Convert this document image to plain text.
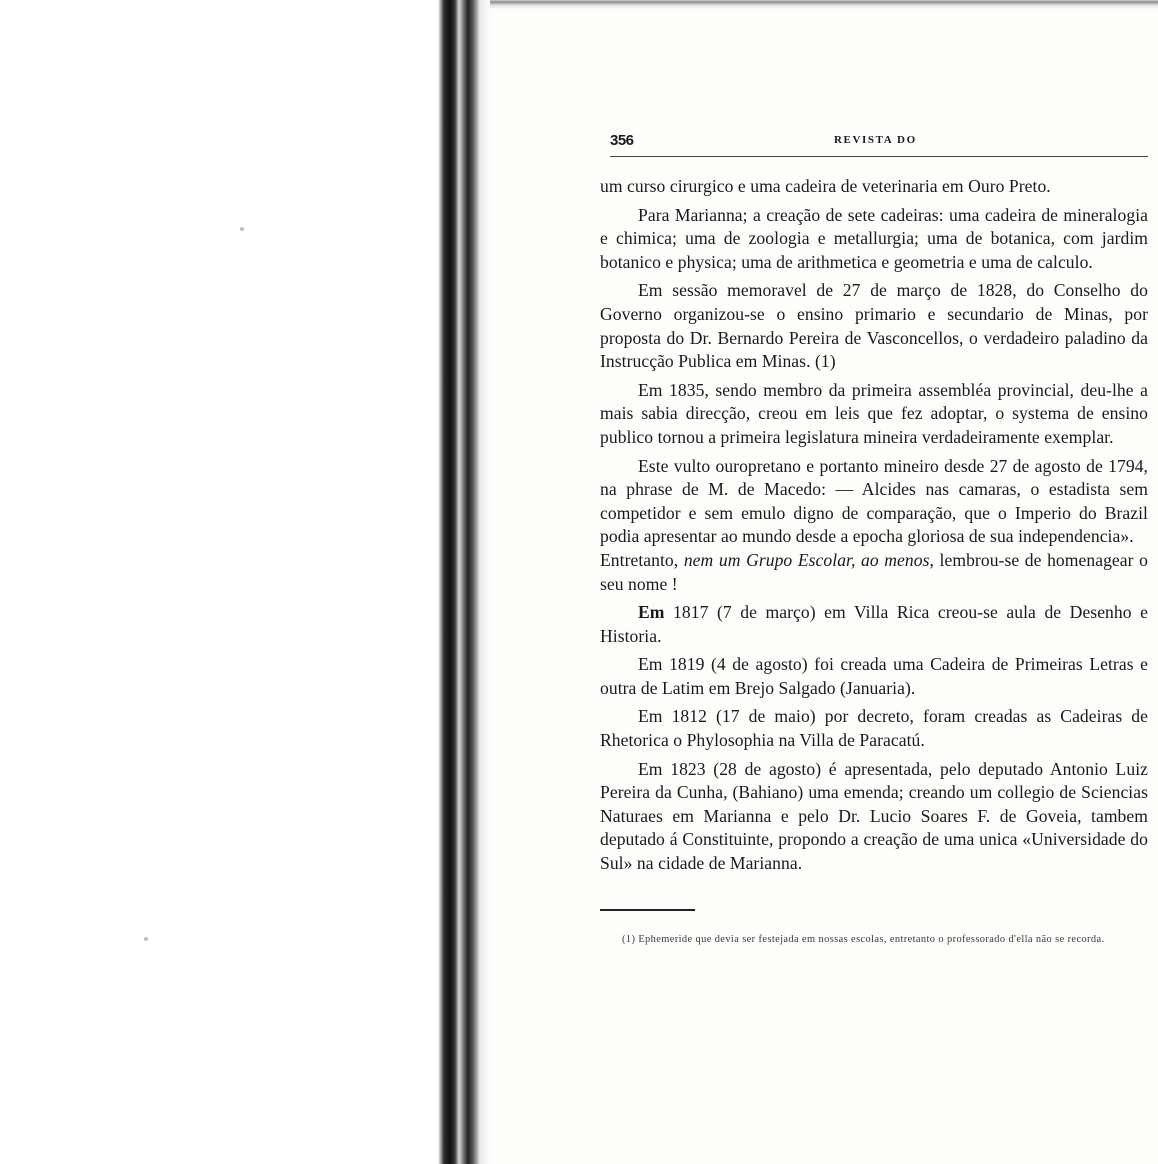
356	REVISTA DO

um curso cirurgico e uma cadeira de veterinaria em Ouro Preto.

Para Marianna; a creação de sete cadeiras: uma cadeira de mineralogia e chimica; uma de zoologia e metallurgia; uma de botanica, com jardim botanico e physica; uma de arithmetica e geometria e uma de calculo.

Em sessão memoravel de 27 de março de 1828, do Conselho do Governo organizou-se o ensino primario e secundario de Minas, por proposta do Dr. Bernardo Pereira de Vasconcellos, o verdadeiro paladino da Instrucção Publica em Minas. (1)

Em 1835, sendo membro da primeira assembléa provincial, deu-lhe a mais sabia direcção, creou em leis que fez adoptar, o systema de ensino publico tornou a primeira legislatura mineira verdadeiramente exemplar.

Este vulto ouropretano e portanto mineiro desde 27 de agosto de 1794, na phrase de M. de Macedo: — Alcides nas camaras, o estadista sem competidor e sem emulo digno de comparação, que o Imperio do Brazil podia apresentar ao mundo desde a epocha gloriosa de sua independencia».

Entretanto, nem um Grupo Escolar, ao menos, lembrou-se de homenagear o seu nome !

Em 1817 (7 de março) em Villa Rica creou-se aula de Desenho e Historia.

Em 1819 (4 de agosto) foi creada uma Cadeira de Primeiras Letras e outra de Latim em Brejo Salgado (Januaria).

Em 1812 (17 de maio) por decreto, foram creadas as Cadeiras de Rhetorica o Phylosophia na Villa de Paracatú.

Em 1823 (28 de agosto) é apresentada, pelo deputado Antonio Luiz Pereira da Cunha, (Bahiano) uma emenda; creando um collegio de Sciencias Naturaes em Marianna e pelo Dr. Lucio Soares F. de Goveia, tambem deputado á Constituinte, propondo a creação de uma unica «Universidade do Sul» na cidade de Marianna.

(1) Ephemeride que devia ser festejada em nossas escolas, entretanto o professorado d'ella não se recorda.
